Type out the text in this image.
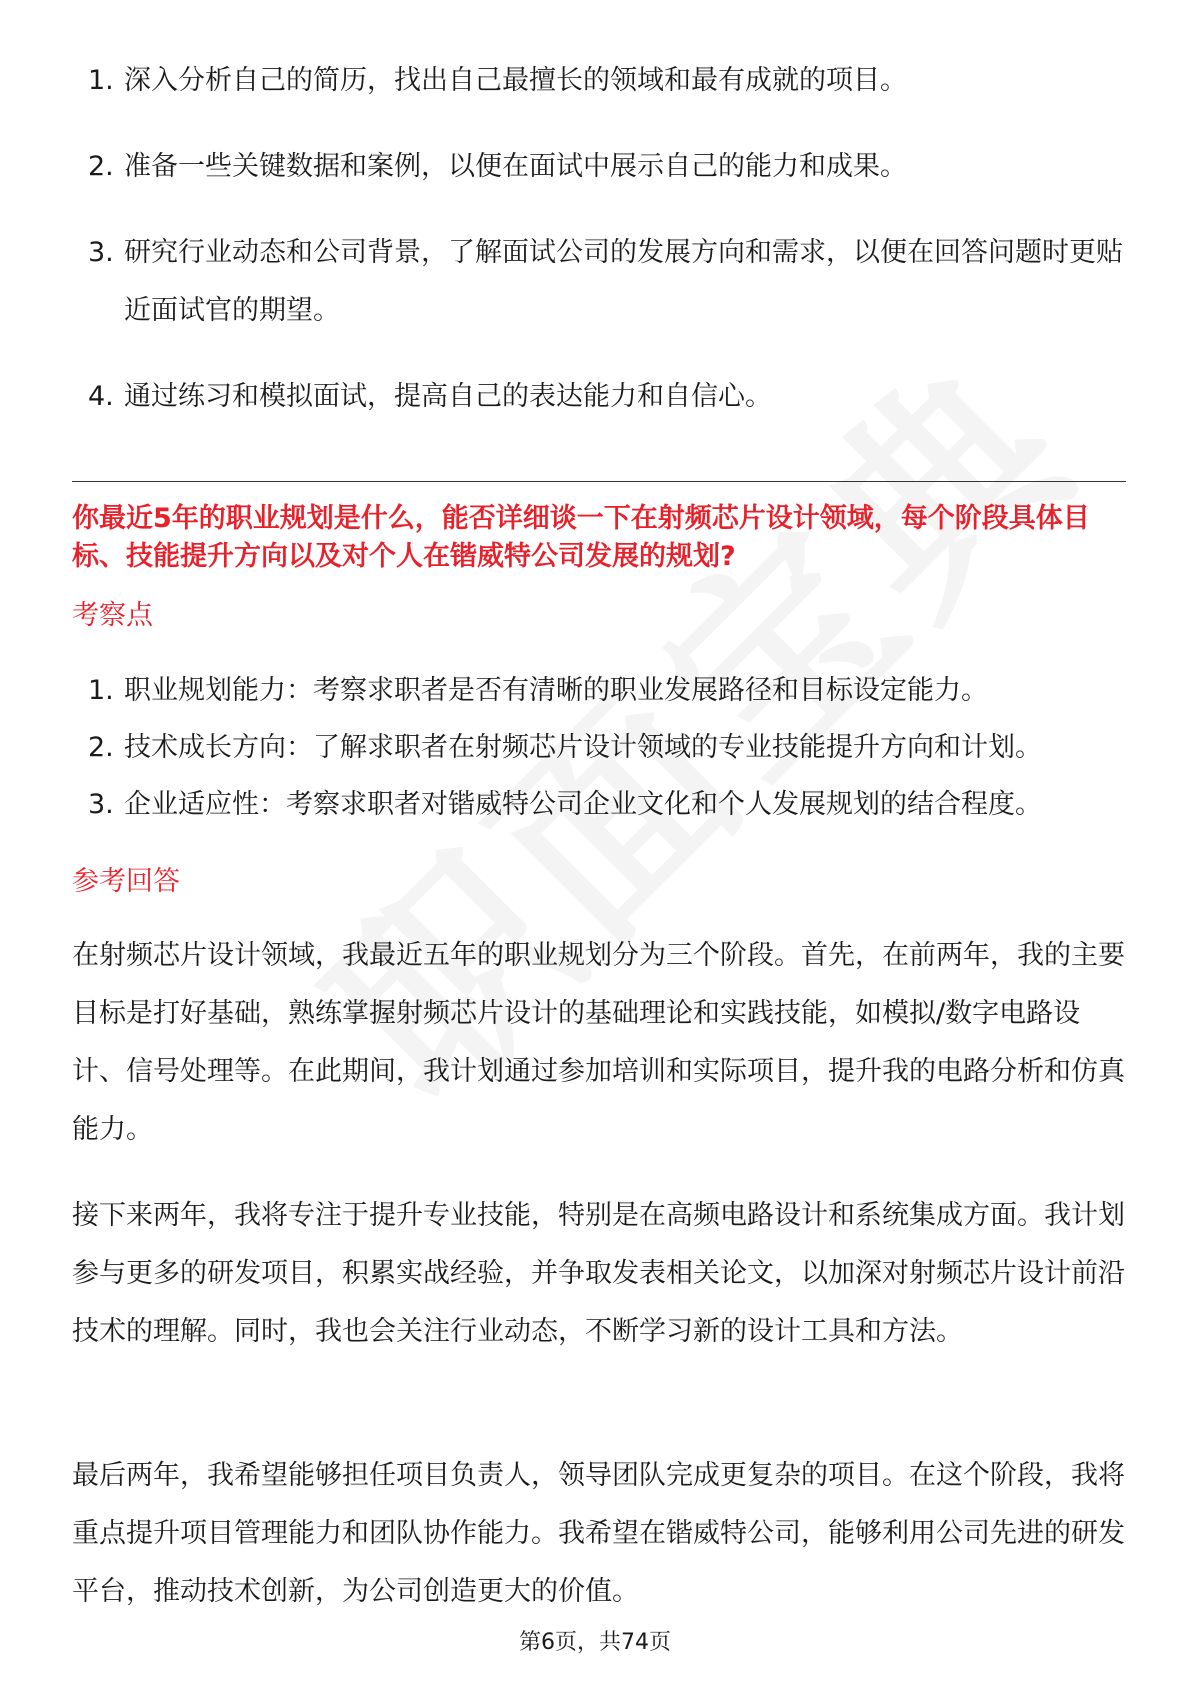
1. 深入分析自己的简历，找出自己最擅长的领域和最有成就的项目。
2. 准备一些关键数据和案例，以便在面试中展示自己的能力和成果。
3. 研究行业动态和公司背景，了解面试公司的发展方向和需求，以便在回答问题时更贴近面试官的期望。
4. 通过练习和模拟面试，提高自己的表达能力和自信心。
你最近5年的职业规划是什么，能否详细谈一下在射频芯片设计领域，每个阶段具体目标、技能提升方向以及对个人在锴威特公司发展的规划?
考察点
1. 职业规划能力：考察求职者是否有清晰的职业发展路径和目标设定能力。
2. 技术成长方向：了解求职者在射频芯片设计领域的专业技能提升方向和计划。
3. 企业适应性：考察求职者对锴威特公司企业文化和个人发展规划的结合程度。
参考回答

在射频芯片设计领域，我最近五年的职业规划分为三个阶段。首先，在前两年，我的主要目标是打好基础，熟练掌握射频芯片设计的基础理论和实践技能，如模拟/数字电路设计、信号处理等。在此期间，我计划通过参加培训和实际项目，提升我的电路分析和仿真能力。

接下来两年，我将专注于提升专业技能，特别是在高频电路设计和系统集成方面。我计划参与更多的研发项目，积累实战经验，并争取发表相关论文，以加深对射频芯片设计前沿技术的理解。同时，我也会关注行业动态，不断学习新的设计工具和方法。

最后两年，我希望能够担任项目负责人，领导团队完成更复杂的项目。在这个阶段，我将重点提升项目管理能力和团队协作能力。我希望在锴威特公司，能够利用公司先进的研发平台，推动技术创新，为公司创造更大的价值。

第6页，共74页
